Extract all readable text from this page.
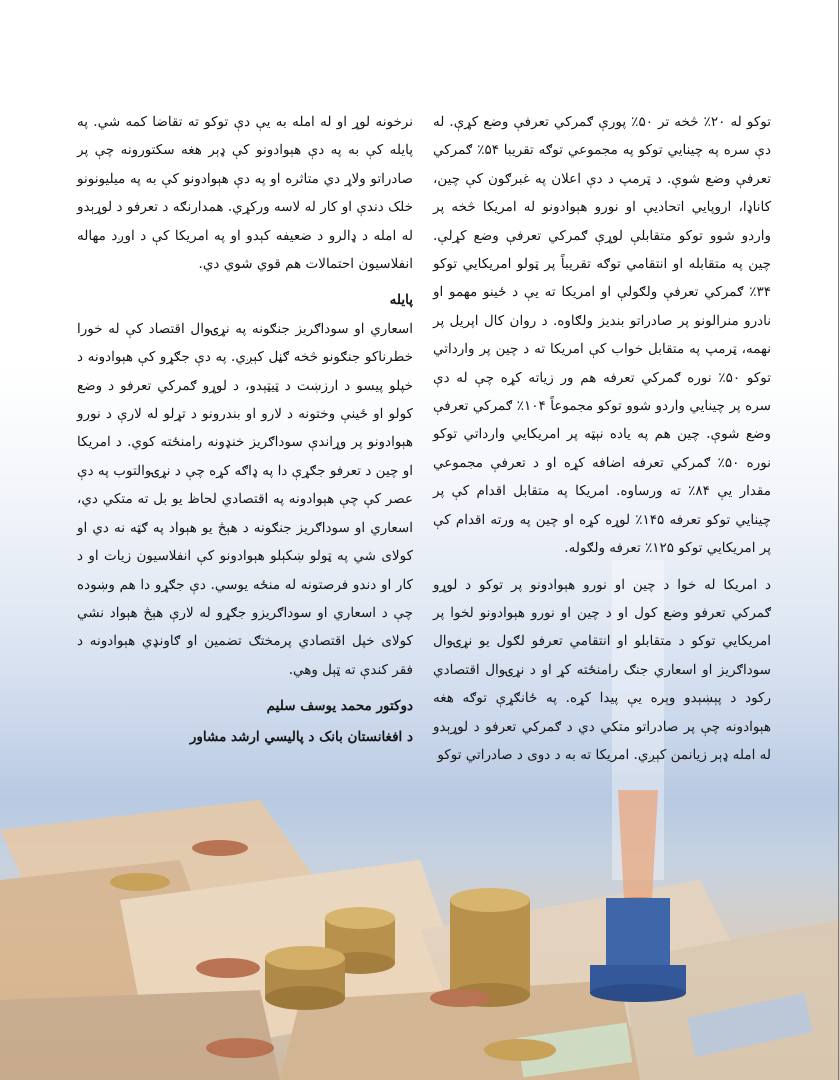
توکو له ۲۰٪ څخه تر ۵۰٪ پورې ګمرکي تعرفې وضع کړې. له دې سره په چینایي توکو په مجموعي توګه تقریبا ۵۴٪ ګمرکي تعرفې وضع شوې. د ټرمپ د دې اعلان په غبرګون کې چین، کاناډا، اروپایي اتحادیې او نورو هېوادونو له امریکا څخه پر واردو شوو توکو متقابلې لوړې ګمرکي تعرفې وضع کړلې. چین په متقابله او انتقامي توګه تقریباً پر ټولو امریکایي توکو ۳۴٪ ګمرکي تعرفې ولګولې او امریکا ته یې د ځینو مهمو او نادرو منرالونو پر صادراتو بندیز ولګاوه. د روان کال اپریل پر نهمه، ټرمپ په متقابل خواب کې امریکا ته د چین پر وارداتي توکو ۵۰٪ نوره ګمرکي تعرفه هم ور زیاته کړه چې له دې سره پر چینایي واردو شوو توکو مجموعاً ۱۰۴٪ ګمرکي تعرفې وضع شوې. چین هم په یاده نېټه پر امریکایي وارداتي توکو نوره ۵۰٪ ګمرکي تعرفه اضافه کړه او د تعرفې مجموعي مقدار یې ۸۴٪ ته ورساوه. امریکا په متقابل اقدام کې پر چینایي توکو تعرفه ۱۴۵٪ لوړه کړه او چین په ورته اقدام کې پر امریکایي توکو ۱۲۵٪ تعرفه ولګوله.

د امریکا له خوا د چین او نورو هېوادونو پر توکو د لوړو ګمرکي تعرفو وضع کول او د چین او نورو هېوادونو لخوا پر امریکایي توکو د متقابلو او انتقامي تعرفو لګول یو نړۍ‌وال سوداګریز او اسعاري جنګ رامنځته کړ او د نړۍ‌وال اقتصادي رکود د پېښېدو وېره یې پیدا کړه. په ځانګړې توګه هغه هېوادونه چې پر صادراتو متکي دي د ګمرکي تعرفو د لوړېدو له امله ډېر زیانمن کېږي. امریکا ته به د دوی د صادراتي توکو

نرخونه لوړ او له امله به یې دې توکو ته تقاضا کمه شي. په پایله کې به په دې هېوادونو کې ډېر هغه سکتورونه چې پر صادراتو ولاړ دي متاثره او په دې هېوادونو کې به په میلیونونو خلک دندې او کار له لاسه ورکړي. همدارنګه د تعرفو د لوړېدو له امله د ډالرو د ضعیفه کېدو او په امریکا کې د اوږد مهاله انفلاسیون احتمالات هم قوي شوي دي.

پایله

اسعاري او سوداګریز جنګونه په نړۍ‌وال اقتصاد کې له خورا خطرناکو جنګونو څخه ګڼل کېږي. په دې جګړو کې هېوادونه د خپلو پیسو د ارزښت د ټیټېدو، د لوړو ګمرکي تعرفو د وضع کولو او ځینې وختونه د لارو او بندرونو د تړلو له لارې د نورو هېوادونو پر وړاندې سوداګریز خنډونه رامنځته کوي. د امریکا او چین د تعرفو جګړې دا په ډاګه کړه چې د نړۍ‌والتوب په دې عصر کې چې هېوادونه په اقتصادي لحاظ یو بل ته متکي دي، اسعاري او سوداګریز جنګونه د هېڅ یو هېواد په ګټه نه دي او کولای شي په ټولو ښکېلو هېوادونو کې انفلاسیون زیات او د کار او دندو فرصتونه له منځه یوسي. دې جګړو دا هم وښوده چې د اسعاري او سوداګریزو جګړو له لارې هېڅ هېواد نشي کولای خپل اقتصادي پرمختګ تضمین او ګاونډي هېوادونه د فقر کندې ته ټېل وهي.

دوکتور محمد یوسف سلیم
د افغانستان بانک د پالیسي ارشد مشاور
